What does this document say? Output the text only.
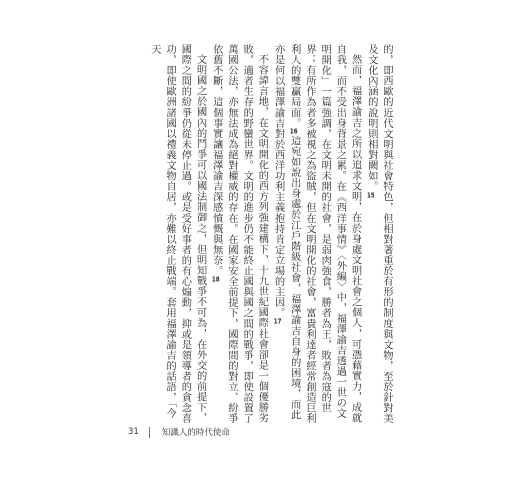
的，即西歐的近代文明與社會特色，但相對著重於有形的制度與文物，至於針對美及文化內涵的說明則相對闕如。15

然而，福澤諭吉之所以追求文明，在於身處文明社會之個人，可憑藉實力，成就自我，而不受出身背景之累。在《西洋事情》〈外編〉中，福澤諭吉透過一世の文明開化」一篇強調，在文明未開的社會，是弱肉強食，勝者為王，敗者為寇的世界；有所作為者多被視之為盜賊，但在文明開化的社會，富貴利達者經常創造巨利利人的雙贏局面。16這宛如說出身處於江戶階級社會，福澤諭吉自身的困境，而此亦是何以福澤諭吉對於西洋功利主義抱持肯定立場的主因。17

不容諱言地，在文明開化的西方列強建構下，十九世紀國際社會卻是一個優勝劣敗，適者生存的野蠻世界。文明的進步仍不能終止國與國之間的戰爭，即使設置了萬國公法，亦無法成為絕對權威的存在。在國家安全前提下，國際間的對立、紛爭依舊不斷，這個事實讓福澤諭吉深感憤慨與無奈。18

文明國之於國內的鬥爭可以國法制御之，但明知戰爭不可為，在外交的前提下，國際之間的紛爭仍從未停止過。或是受好事者的有心煽動，抑或是領導者的貪念喜功，即使歐洲諸國以禮義文物自居，亦難以終止戰端。套用福澤諭吉的話語，「今天

31	知識人的時代使命
